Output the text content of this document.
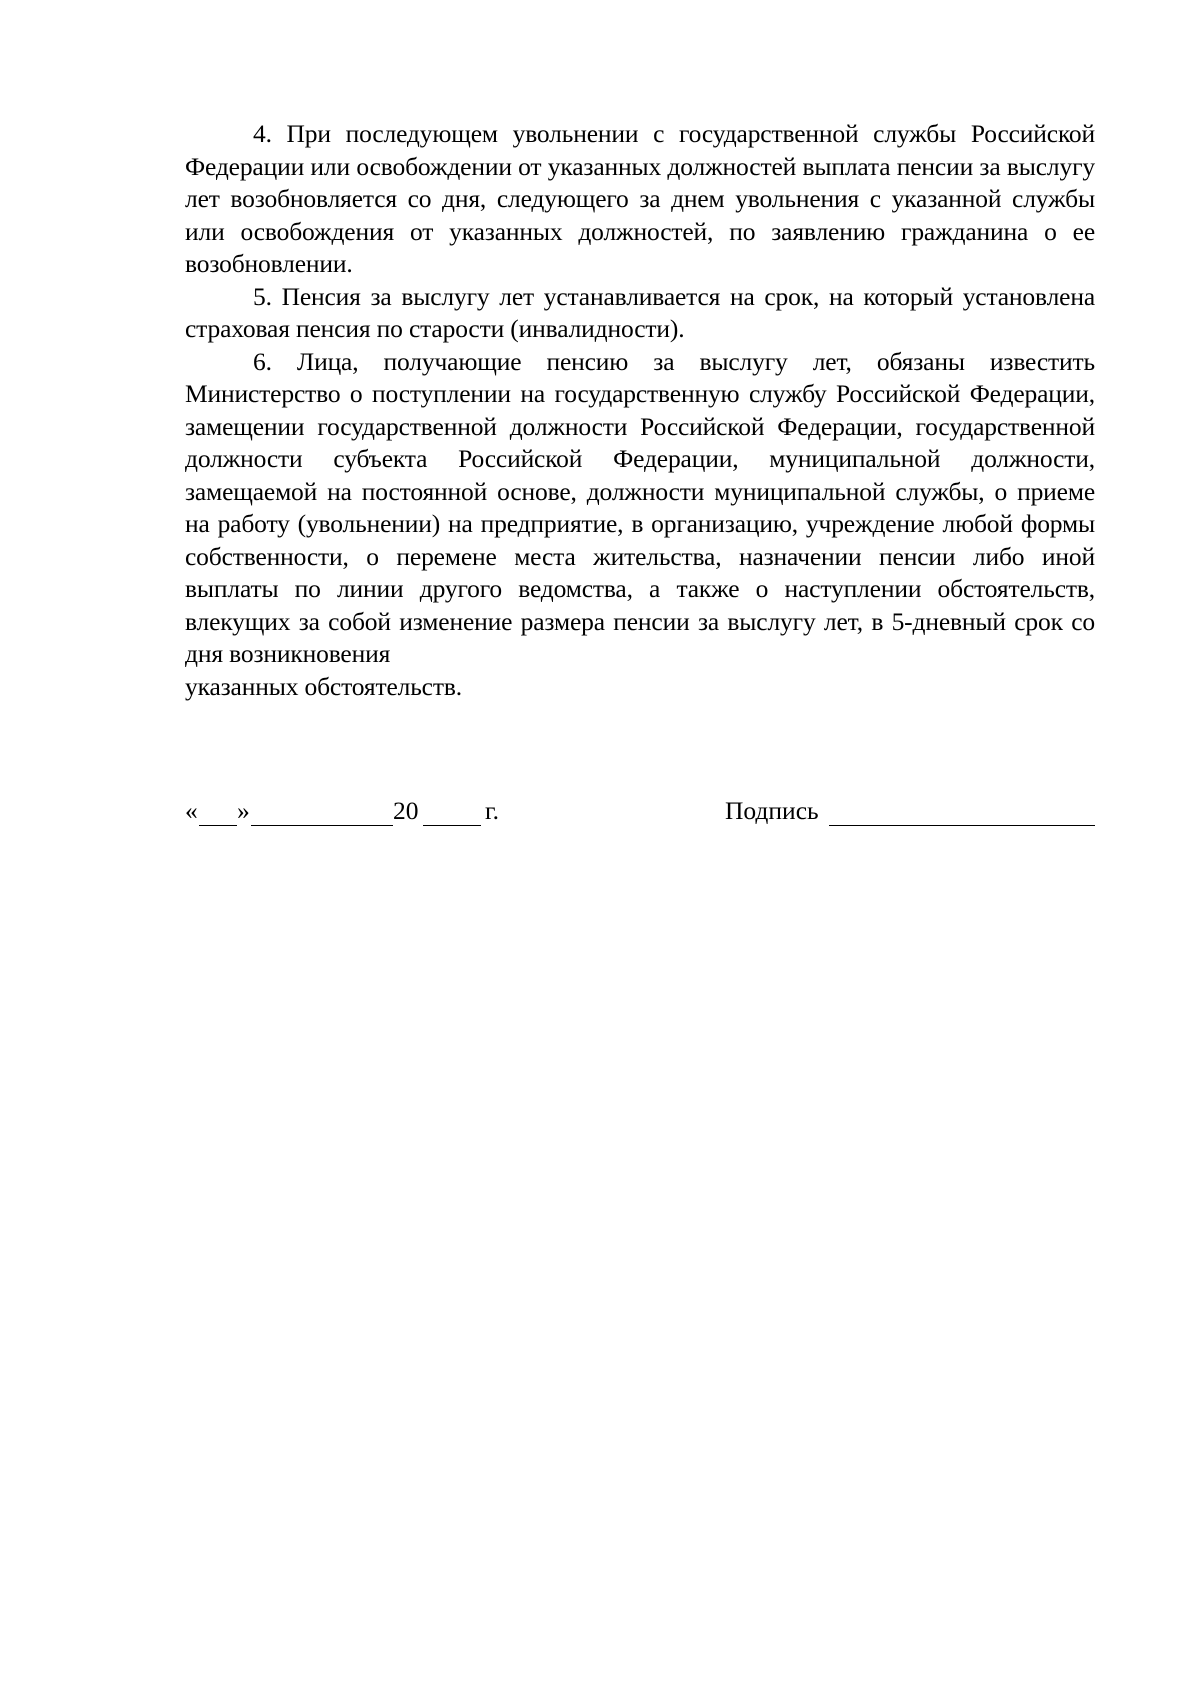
4. При последующем увольнении с государственной службы Российской Федерации или освобождении от указанных должностей выплата пенсии за выслугу лет возобновляется со дня, следующего за днем увольнения с указанной службы или освобождения от указанных должностей, по заявлению гражданина о ее возобновлении.

5. Пенсия за выслугу лет устанавливается на срок, на который установлена страховая пенсия по старости (инвалидности).

6. Лица, получающие пенсию за выслугу лет, обязаны известить Министерство о поступлении на государственную службу Российской Федерации, замещении государственной должности Российской Федерации, государственной должности субъекта Российской Федерации, муниципальной должности, замещаемой на постоянной основе, должности муниципальной службы, о приеме на работу (увольнении) на предприятие, в организацию, учреждение любой формы собственности, о перемене места жительства, назначении пенсии либо иной выплаты по линии другого ведомства, а также о наступлении обстоятельств, влекущих за собой изменение размера пенсии за выслугу лет, в 5-дневный срок со дня возникновения

указанных обстоятельств.

« »	20	г.	Подпись
